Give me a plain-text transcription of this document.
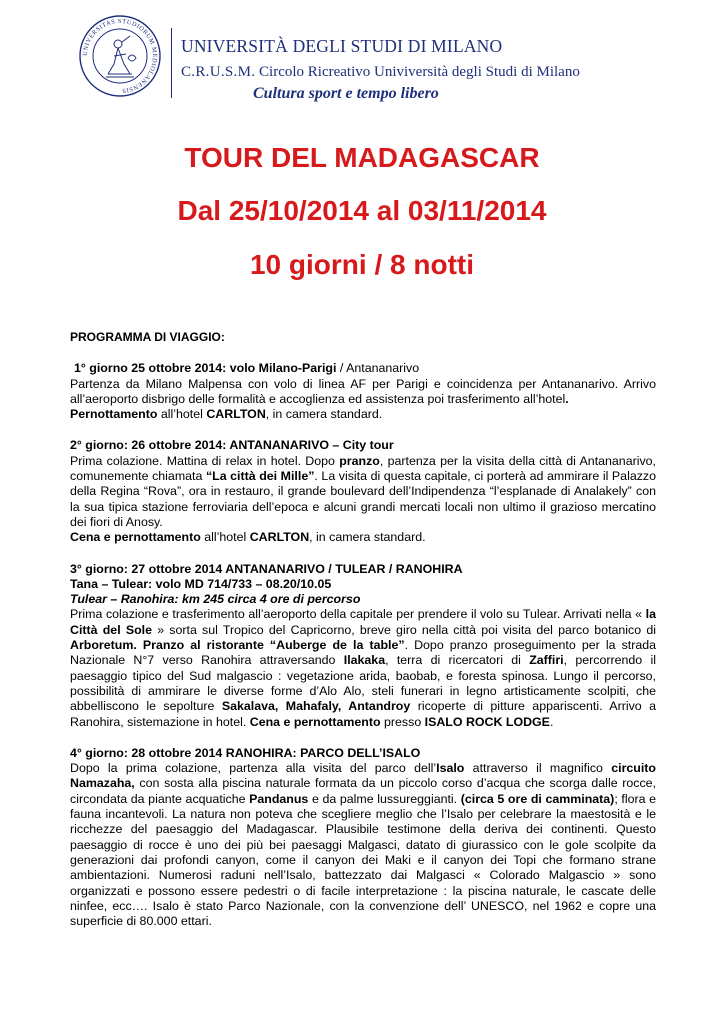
UNIVERSITAS STUDIORUM MEDIOLANENSIS
UNIVERSITÀ DEGLI STUDI DI MILANO
C.R.U.S.M. Circolo Ricreativo Univiversità degli Studi di Milano
Cultura sport e tempo libero
TOUR DEL MADAGASCAR
Dal 25/10/2014 al 03/11/2014
10 giorni / 8 notti

PROGRAMMA DI VIAGGIO:

1° giorno 25 ottobre 2014: volo Milano-Parigi / Antananarivo

Partenza da Milano Malpensa con volo di linea AF per Parigi e coincidenza per Antananarivo. Arrivo all’aeroporto disbrigo delle formalità e accoglienza ed assistenza poi trasferimento all’hotel.
Pernottamento all’hotel CARLTON, in camera standard.

2° giorno: 26 ottobre 2014: ANTANANARIVO – City tour

Prima colazione. Mattina di relax in hotel. Dopo pranzo, partenza per la visita della città di Antananarivo, comunemente chiamata “La città dei Mille”. La visita di questa capitale, ci porterà ad ammirare il Palazzo della Regina “Rova”, ora in restauro, il grande boulevard dell’Indipendenza “l’esplanade di Analakely” con la sua tipica stazione ferroviaria dell’epoca e alcuni grandi mercati locali non ultimo il grazioso mercatino dei fiori di Anosy.
Cena e pernottamento all’hotel CARLTON, in camera standard.

3° giorno: 27 ottobre 2014 ANTANANARIVO / TULEAR / RANOHIRA

Tana – Tulear: volo MD 714/733 – 08.20/10.05

Tulear – Ranohira: km 245 circa 4 ore di percorso

Prima colazione e trasferimento all’aeroporto della capitale per prendere il volo su Tulear. Arrivati nella « la Città del Sole » sorta sul Tropico del Capricorno, breve giro nella città poi visita del parco botanico di Arboretum. Pranzo al ristorante “Auberge de la table”. Dopo pranzo proseguimento per la strada Nazionale N°7 verso Ranohira attraversando Ilakaka, terra di ricercatori di Zaffiri, percorrendo il paesaggio tipico del Sud malgascio : vegetazione arida, baobab, e foresta spinosa. Lungo il percorso, possibilità di ammirare le diverse forme d’Alo Alo, steli funerari in legno artisticamente scolpiti, che abbelliscono le sepolture Sakalava, Mahafaly, Antandroy ricoperte di pitture appariscenti. Arrivo a Ranohira, sistemazione in hotel. Cena e pernottamento presso ISALO ROCK LODGE.

4° giorno: 28 ottobre 2014 RANOHIRA: PARCO DELL’ISALO

Dopo la prima colazione, partenza alla visita del parco dell’Isalo attraverso il magnifico circuito Namazaha, con sosta alla piscina naturale formata da un piccolo corso d’acqua che scorga dalle rocce, circondata da piante acquatiche Pandanus e da palme lussureggianti. (circa 5 ore di camminata); flora e fauna incantevoli. La natura non poteva che scegliere meglio che l’Isalo per celebrare la maestosità e le ricchezze del paesaggio del Madagascar. Plausibile testimone della deriva dei continenti. Questo paesaggio di rocce è uno dei più bei paesaggi Malgasci, datato di giurassico con le gole scolpite da generazioni dai profondi canyon, come il canyon dei Maki e il canyon dei Topi che formano strane ambientazioni. Numerosi raduni nell’Isalo, battezzato dai Malgasci « Colorado Malgascio » sono organizzati e possono essere pedestri o di facile interpretazione : la piscina naturale, le cascate delle ninfee, ecc…. Isalo è stato Parco Nazionale, con la convenzione dell’ UNESCO, nel 1962 e copre una superficie di 80.000 ettari.
